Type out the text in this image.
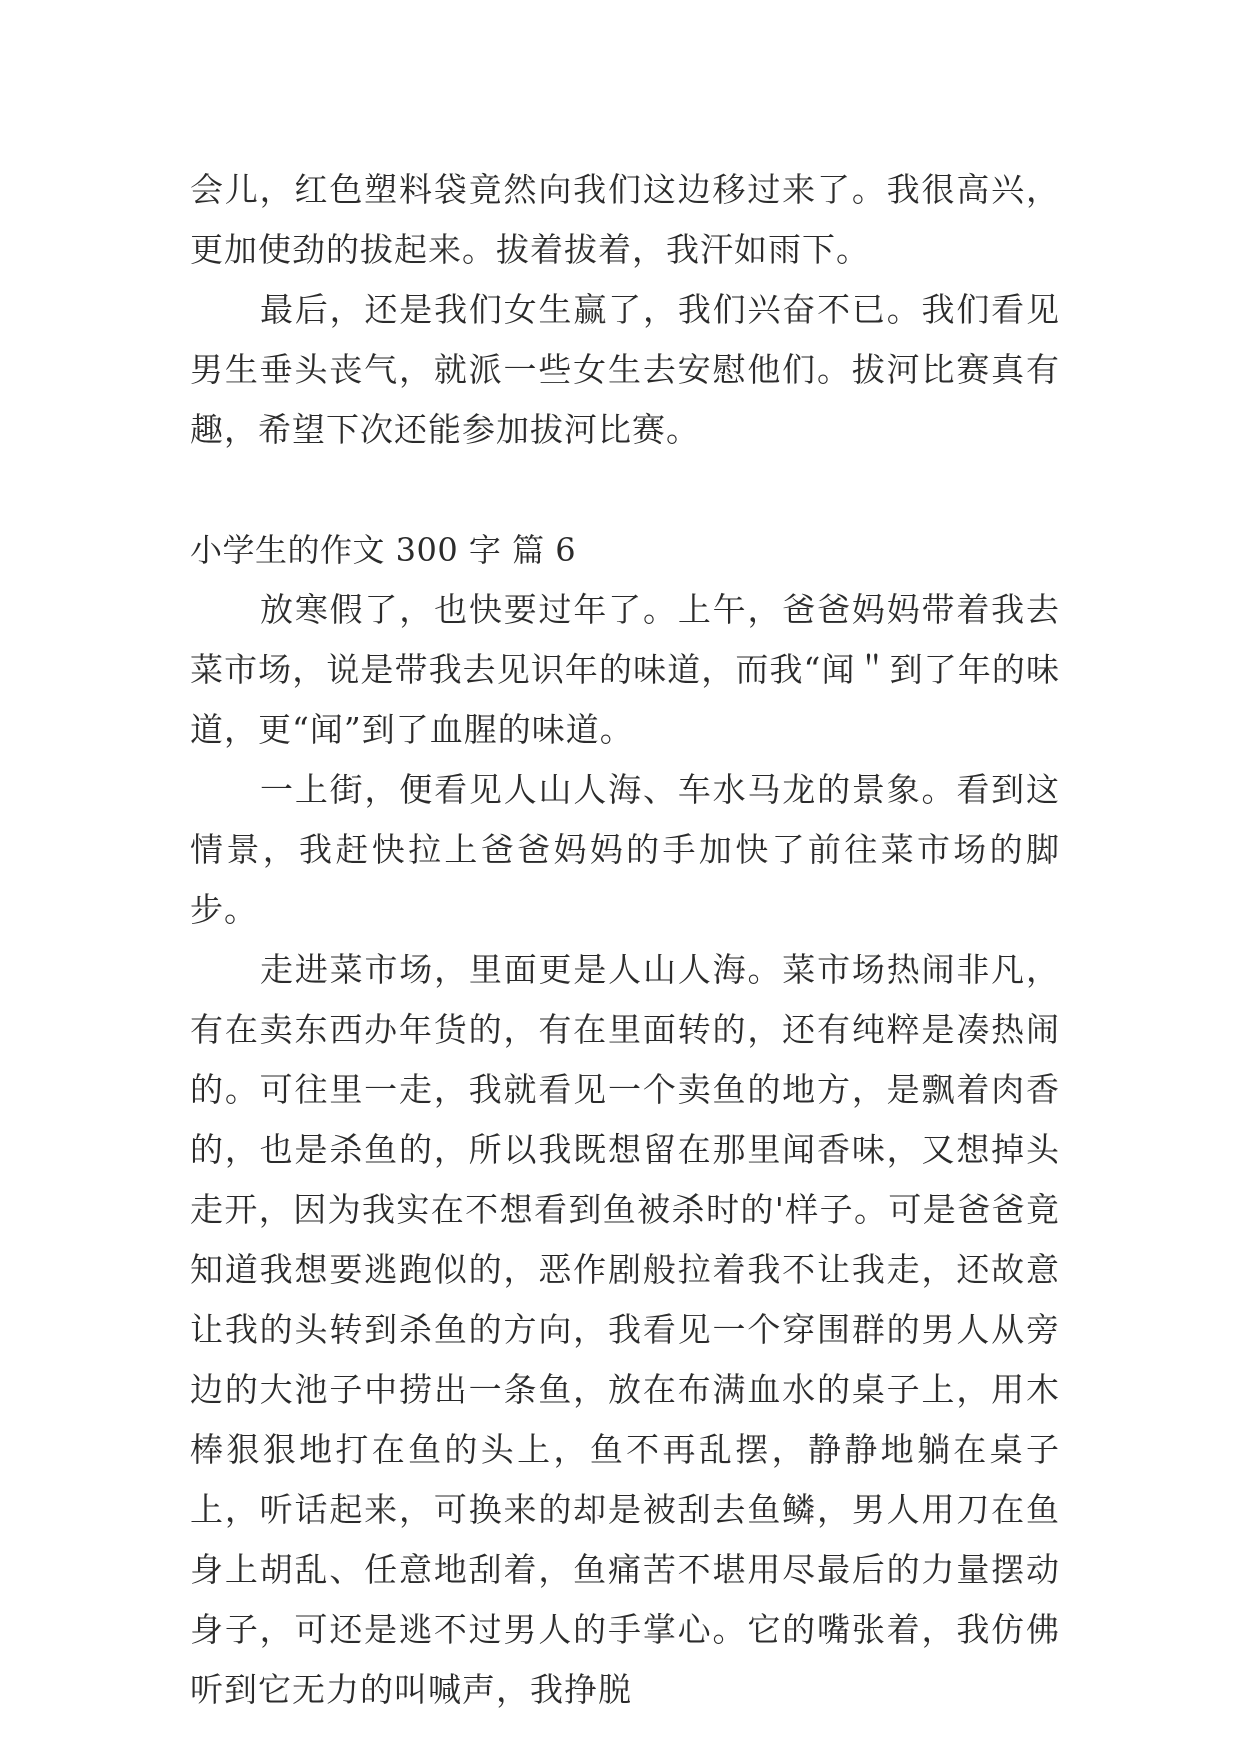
会儿，红色塑料袋竟然向我们这边移过来了。我很高兴，更加使劲的拔起来。拔着拔着，我汗如雨下。

最后，还是我们女生赢了，我们兴奋不已。我们看见男生垂头丧气，就派一些女生去安慰他们。拔河比赛真有趣，希望下次还能参加拔河比赛。

小学生的作文 300 字 篇 6

放寒假了，也快要过年了。上午，爸爸妈妈带着我去菜市场，说是带我去见识年的味道，而我“闻＂到了年的味道，更“闻”到了血腥的味道。

一上街，便看见人山人海、车水马龙的景象。看到这情景，我赶快拉上爸爸妈妈的手加快了前往菜市场的脚步。

走进菜市场，里面更是人山人海。菜市场热闹非凡，有在卖东西办年货的，有在里面转的，还有纯粹是凑热闹的。可往里一走，我就看见一个卖鱼的地方，是飘着肉香的，也是杀鱼的，所以我既想留在那里闻香味，又想掉头走开，因为我实在不想看到鱼被杀时的'样子。可是爸爸竟知道我想要逃跑似的，恶作剧般拉着我不让我走，还故意让我的头转到杀鱼的方向，我看见一个穿围群的男人从旁边的大池子中捞出一条鱼，放在布满血水的桌子上，用木棒狠狠地打在鱼的头上，鱼不再乱摆，静静地躺在桌子上，听话起来，可换来的却是被刮去鱼鳞，男人用刀在鱼身上胡乱、任意地刮着，鱼痛苦不堪用尽最后的力量摆动身子，可还是逃不过男人的手掌心。它的嘴张着，我仿佛听到它无力的叫喊声，我挣脱
